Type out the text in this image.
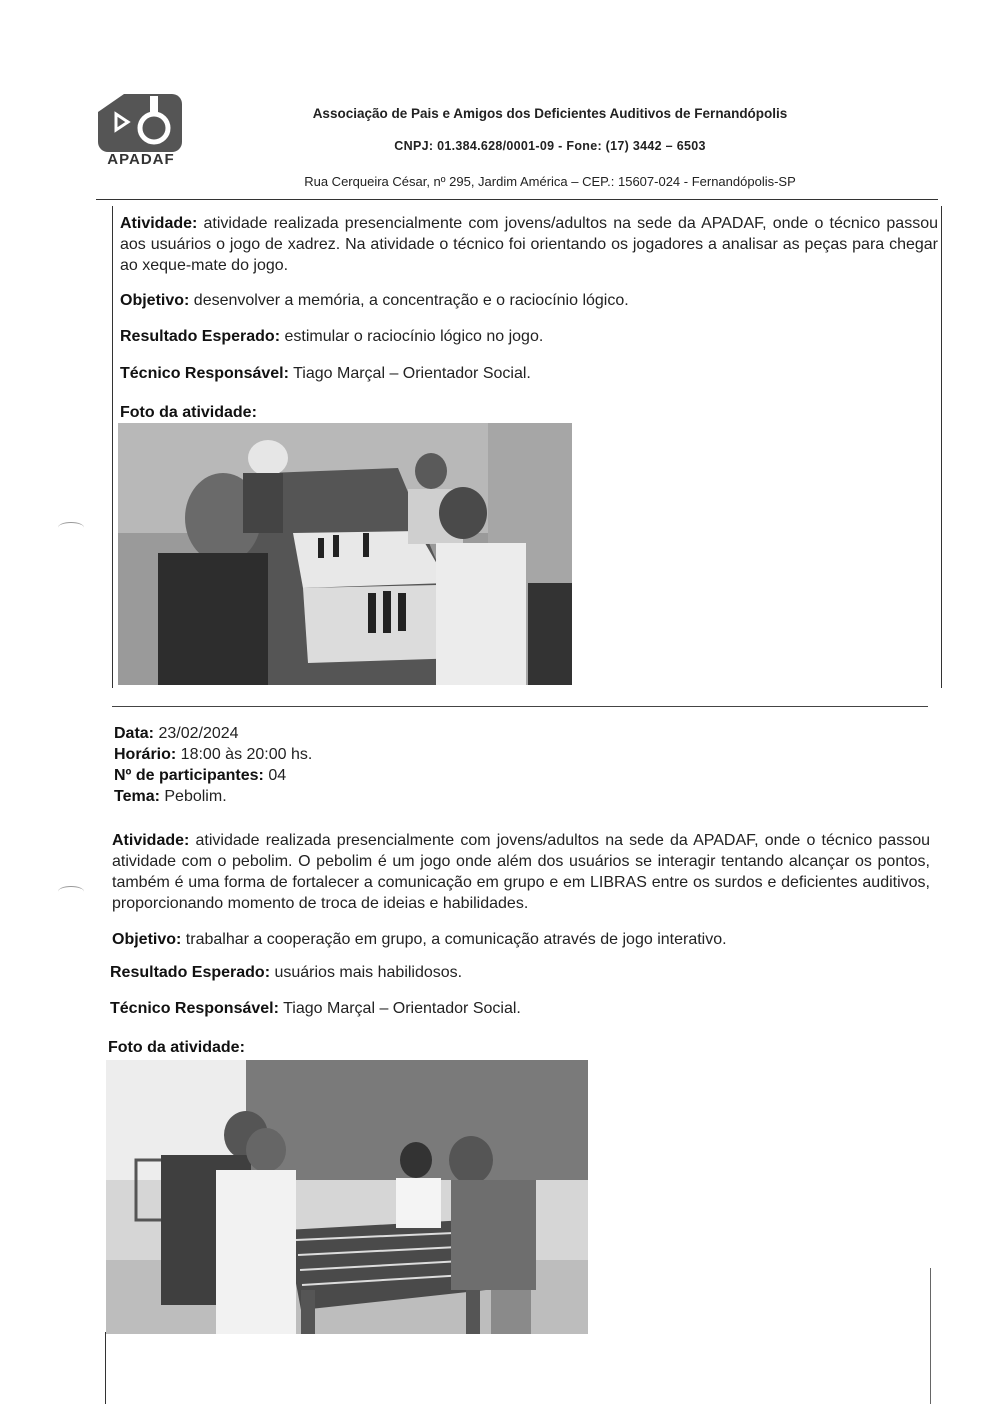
APADAF
Associação de Pais e Amigos dos Deficientes Auditivos de Fernandópolis
CNPJ: 01.384.628/0001-09 - Fone: (17) 3442 – 6503
Rua Cerqueira César, nº 295, Jardim América – CEP.: 15607-024 - Fernandópolis-SP
Atividade: atividade realizada presencialmente com jovens/adultos na sede da APADAF, onde o técnico passou aos usuários o jogo de xadrez. Na atividade o técnico foi orientando os jogadores a analisar as peças para chegar ao xeque-mate do jogo.
Objetivo: desenvolver a memória, a concentração e o raciocínio lógico.
Resultado Esperado: estimular o raciocínio lógico no jogo.
Técnico Responsável: Tiago Marçal – Orientador Social.
Foto da atividade:
Data: 23/02/2024
Horário: 18:00 às 20:00 hs.
Nº de participantes: 04
Tema: Pebolim.
Atividade: atividade realizada presencialmente com jovens/adultos na sede da APADAF, onde o técnico passou atividade com o pebolim. O pebolim é um jogo onde além dos usuários se interagir tentando alcançar os pontos, também é uma forma de fortalecer a comunicação em grupo e em LIBRAS entre os surdos e deficientes auditivos, proporcionando momento de troca de ideias e habilidades.
Objetivo: trabalhar a cooperação em grupo, a comunicação através de jogo interativo.
Resultado Esperado: usuários mais habilidosos.
Técnico Responsável: Tiago Marçal – Orientador Social.
Foto da atividade:
